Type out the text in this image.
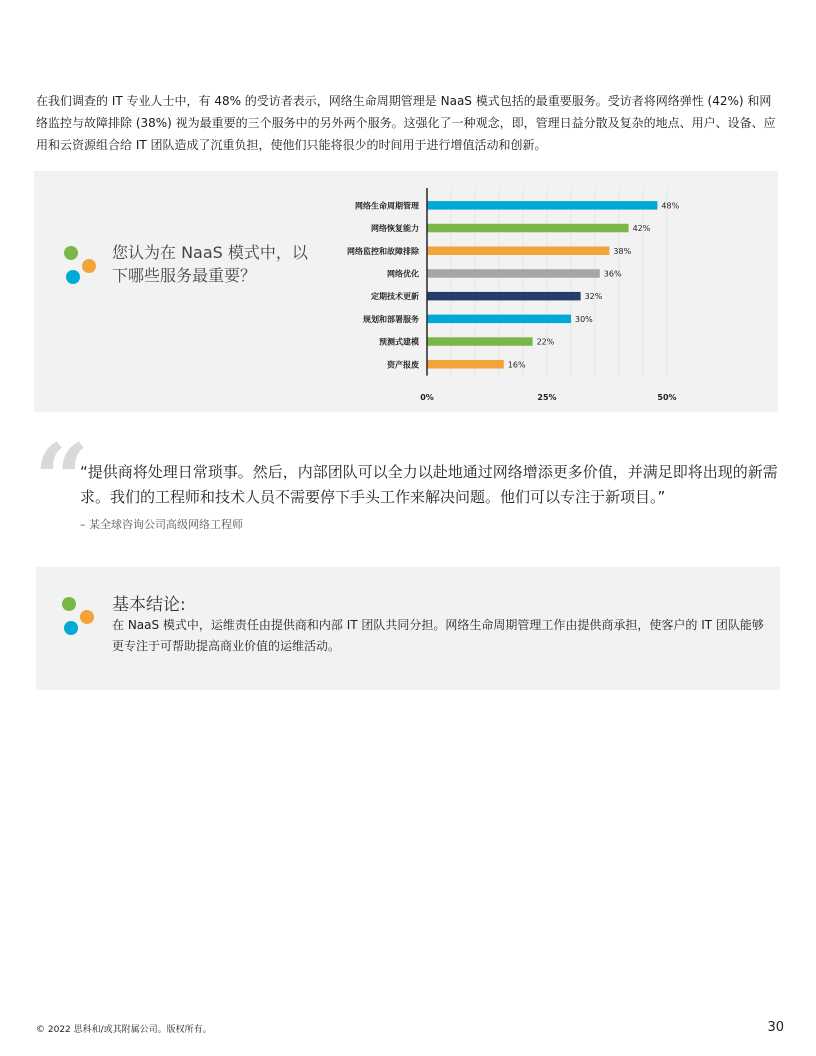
在我们调查的 IT 专业人士中，有 48% 的受访者表示，网络生命周期管理是 NaaS 模式包括的最重要服务。受访者将网络弹性 (42%) 和网络监控与故障排除 (38%) 视为最重要的三个服务中的另外两个服务。这强化了一种观念，即，管理日益分散及复杂的地点、用户、设备、应用和云资源组合给 IT 团队造成了沉重负担，使他们只能将很少的时间用于进行增值活动和创新。
您认为在 NaaS 模式中，以下哪些服务最重要？
网络生命周期管理	48%
网络恢复能力	42%
网络监控和故障排除	38%
网络优化	36%
定期技术更新	32%
规划和部署服务	30%
预测式建模	22%
资产报废	16%
0%	25%	50%
“
“提供商将处理日常琐事。然后，内部团队可以全力以赴地通过网络增添更多价值，并满足即将出现的新需求。我们的工程师和技术人员不需要停下手头工作来解决问题。他们可以专注于新项目。”
– 某全球咨询公司高级网络工程师
基本结论:
在 NaaS 模式中，运维责任由提供商和内部 IT 团队共同分担。网络生命周期管理工作由提供商承担，使客户的 IT 团队能够更专注于可帮助提高商业价值的运维活动。
© 2022 思科和/或其附属公司。版权所有。	30
